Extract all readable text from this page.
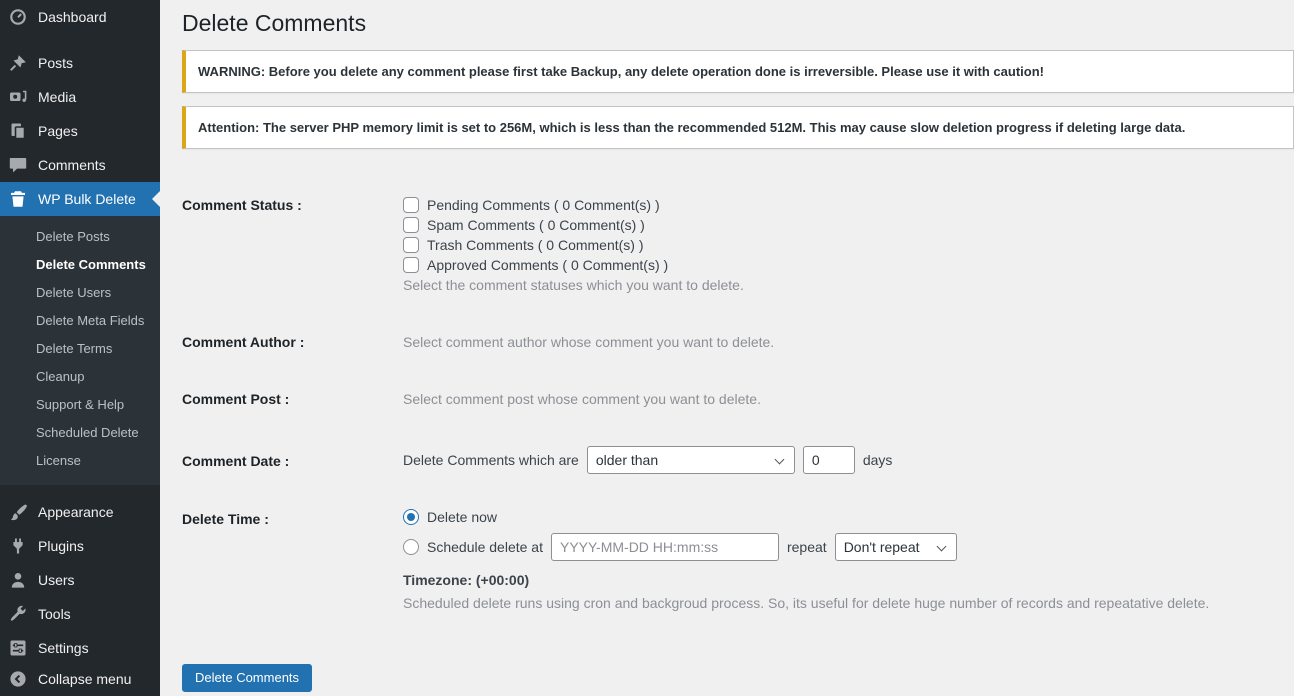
Dashboard
Posts
Media
Pages
Comments
WP Bulk Delete
Delete Posts
Delete Comments
Delete Users
Delete Meta Fields
Delete Terms
Cleanup
Support & Help
Scheduled Delete
License
Appearance
Plugins
Users
Tools
Settings
Collapse menu
Delete Comments

WARNING: Before you delete any comment please first take Backup, any delete operation done is irreversible. Please use it with caution!

Attention: The server PHP memory limit is set to 256M, which is less than the recommended 512M. This may cause slow deletion progress if deleting large data.

Comment Status :	Pending Comments ( 0 Comment(s) )
Spam Comments ( 0 Comment(s) )
Trash Comments ( 0 Comment(s) )
Approved Comments ( 0 Comment(s) )
Select the comment statuses which you want to delete.
Comment Author :	Select comment author whose comment you want to delete.
Comment Post :	Select comment post whose comment you want to delete.
Comment Date :	Delete Comments which are
older than
0	days
Delete Time :	Delete now
Schedule delete at
YYYY-MM-DD HH:mm:ss	repeat
Don't repeat
Timezone: (+00:00)
Scheduled delete runs using cron and backgroud process. So, its useful for delete huge number of records and repeatative delete.
Delete Comments
